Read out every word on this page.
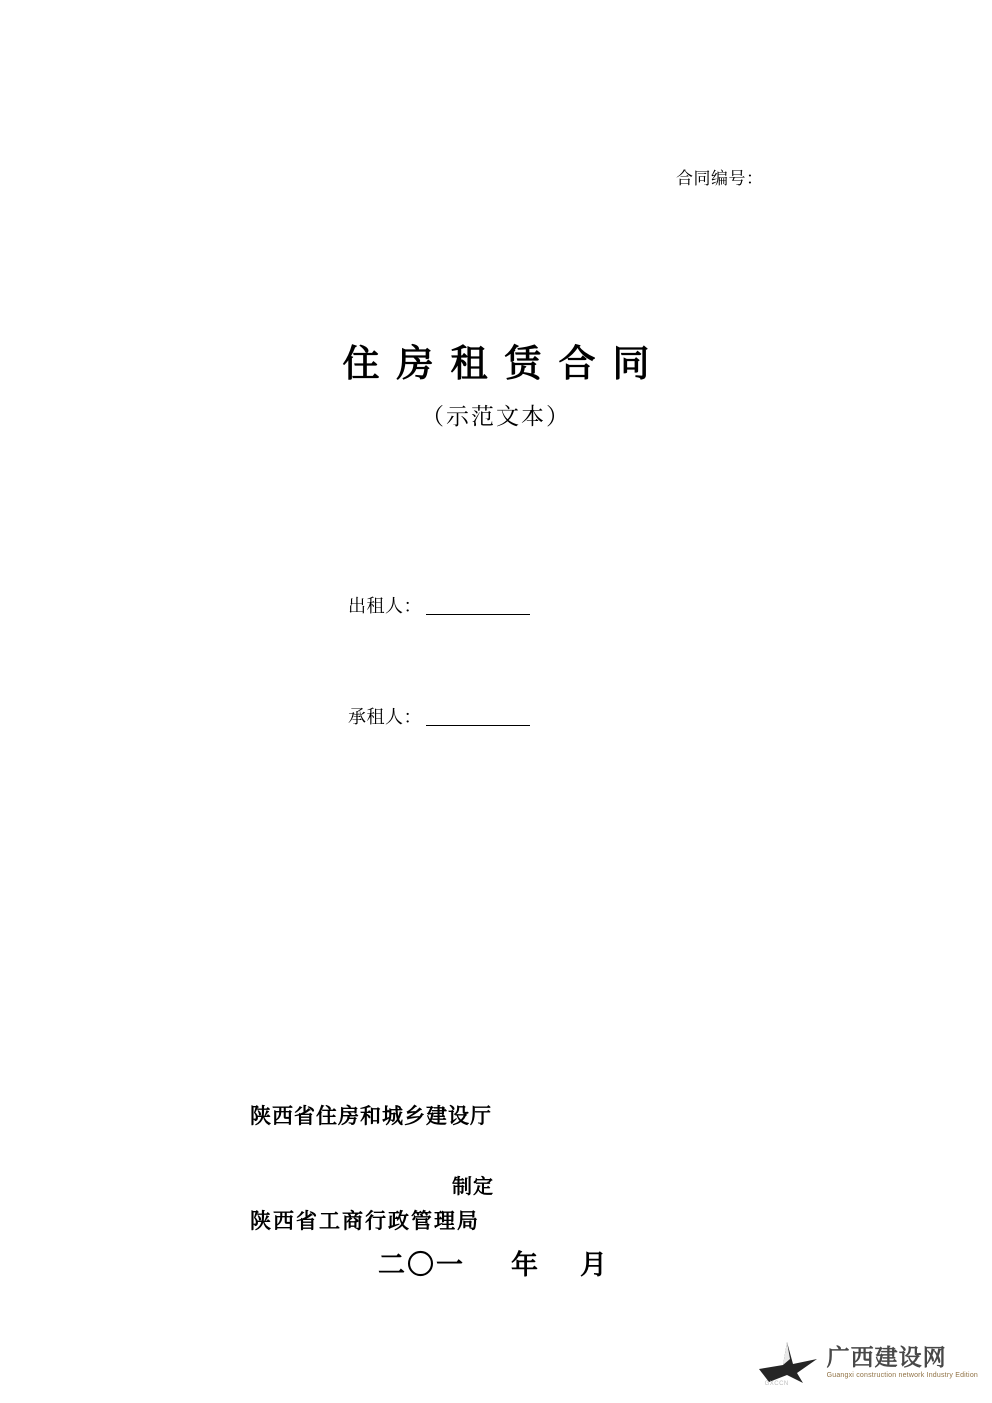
合同编号：
住房租赁合同
（示范文本）
出租人：
承租人：
陕西省住房和城乡建设厅
制定
陕西省工商行政管理局
二〇一 年 月
GXCCN
广西建设网
Guangxi construction network Industry Edition
